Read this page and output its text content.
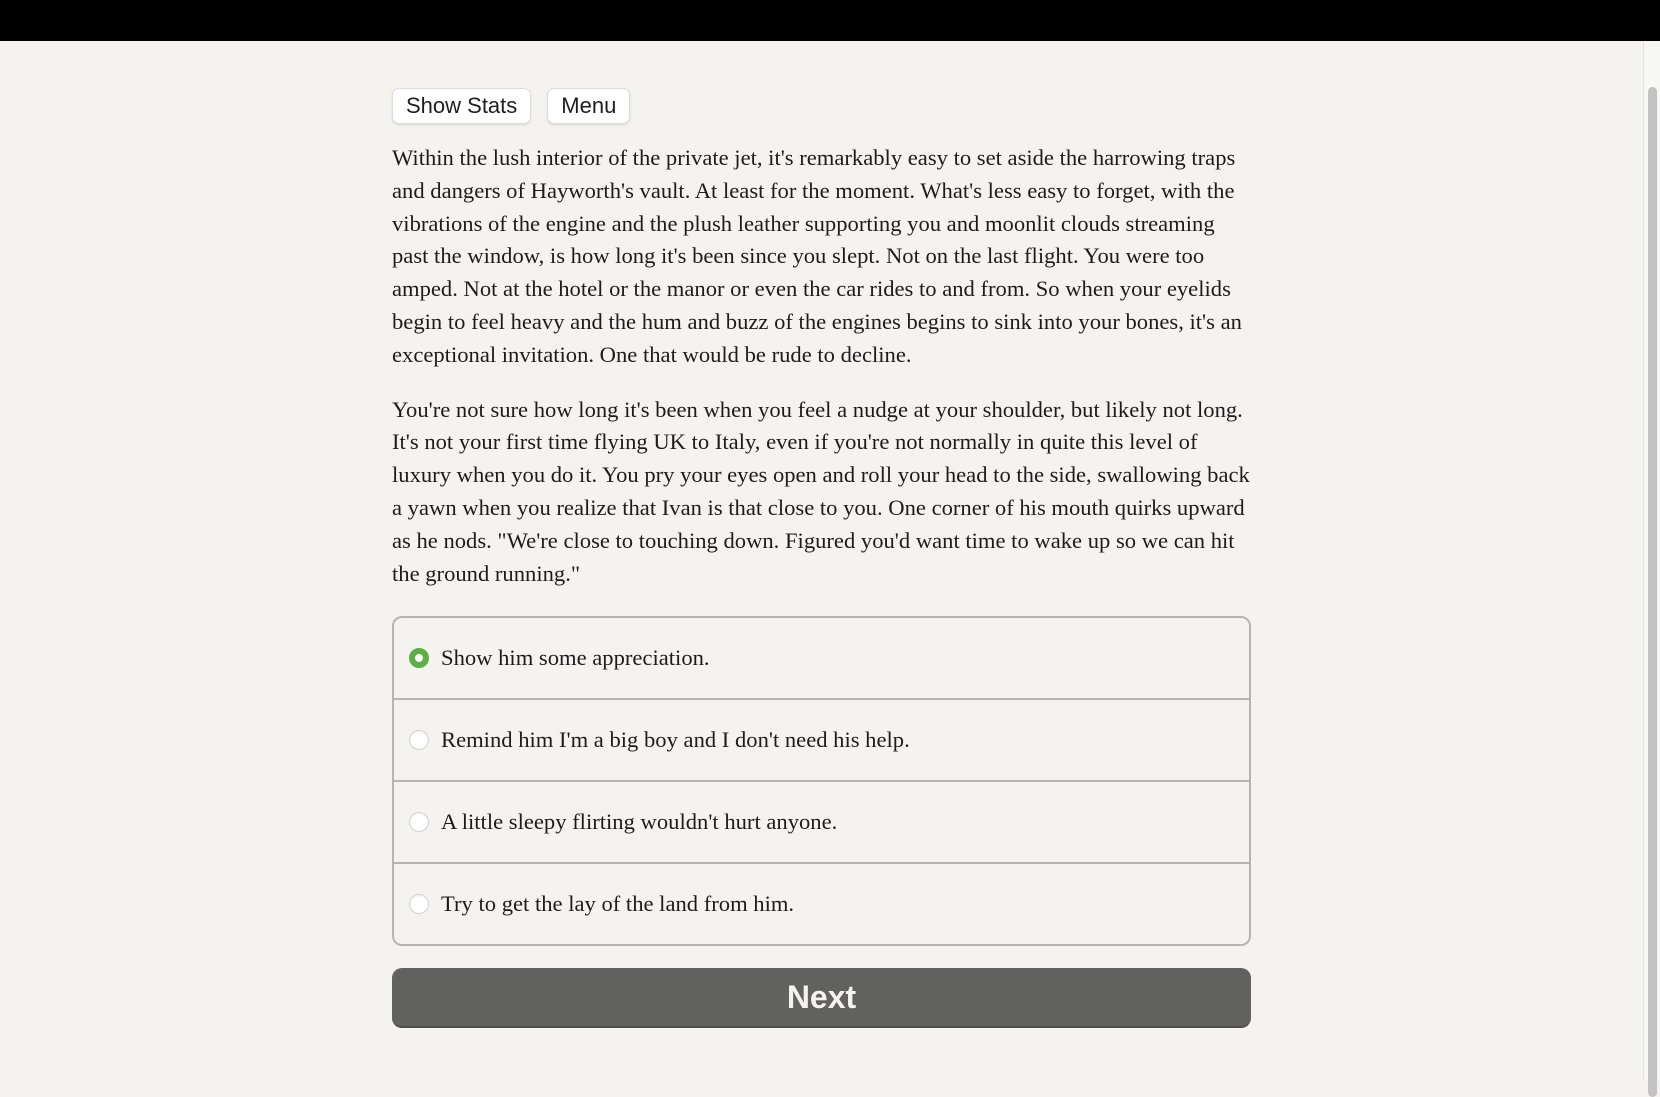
Show Stats	Menu

Within the lush interior of the private jet, it's remarkably easy to set aside the harrowing traps and dangers of Hayworth's vault. At least for the moment. What's less easy to forget, with the vibrations of the engine and the plush leather supporting you and moonlit clouds streaming past the window, is how long it's been since you slept. Not on the last flight. You were too amped. Not at the hotel or the manor or even the car rides to and from. So when your eyelids begin to feel heavy and the hum and buzz of the engines begins to sink into your bones, it's an exceptional invitation. One that would be rude to decline.

You're not sure how long it's been when you feel a nudge at your shoulder, but likely not long. It's not your first time flying UK to Italy, even if you're not normally in quite this level of luxury when you do it. You pry your eyes open and roll your head to the side, swallowing back a yawn when you realize that Ivan is that close to you. One corner of his mouth quirks upward as he nods. "We're close to touching down. Figured you'd want time to wake up so we can hit the ground running."

Show him some appreciation.
Remind him I'm a big boy and I don't need his help.
A little sleepy flirting wouldn't hurt anyone.
Try to get the lay of the land from him.
Next
